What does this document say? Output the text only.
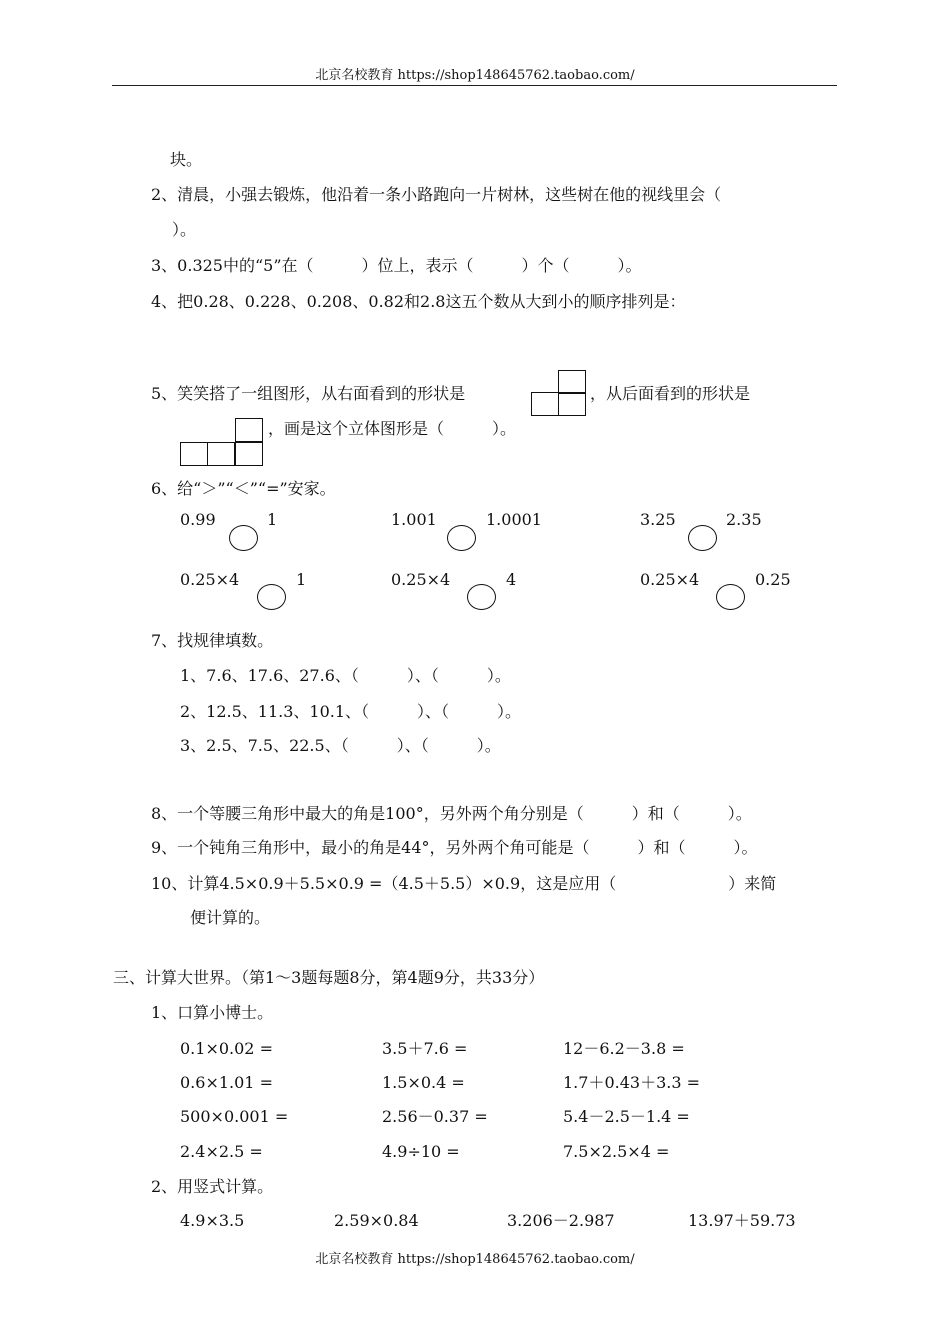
北京名校教育 https://shop148645762.taobao.com/
块。
2、清晨，小强去锻炼，他沿着一条小路跑向一片树林，这些树在他的视线里会（
）。
3、0.325中的“5”在（　　　）位上，表示（　　　）个（　　　）。
4、把0.28、0.228、0.208、0.82和2.8这五个数从大到小的顺序排列是：
5、笑笑搭了一组图形，从右面看到的形状是	，从后面看到的形状是
，画是这个立体图形是（　　　）。
6、给“＞”“＜”“=”安家。
0.99	1	1.001	1.0001	3.25	2.35
0.25×4	1	0.25×4	4	0.25×4	0.25
7、找规律填数。
1、7.6、17.6、27.6、（　　　）、（　　　）。
2、12.5、11.3、10.1、（　　　）、（　　　）。
3、2.5、7.5、22.5、（　　　）、（　　　）。
8、一个等腰三角形中最大的角是100°，另外两个角分别是（　　　）和（　　　）。
9、一个钝角三角形中，最小的角是44°，另外两个角可能是（　　　）和（　　　）。
10、计算4.5×0.9＋5.5×0.9 =（4.5＋5.5）×0.9，这是应用（　　　　　　　）来简
便计算的。
三、计算大世界。（第1～3题每题8分，第4题9分，共33分）
1、口算小博士。
0.1×0.02 =	3.5＋7.6 =	12－6.2－3.8 =
0.6×1.01 =	1.5×0.4 =	1.7＋0.43＋3.3 =
500×0.001 =	2.56－0.37 =	5.4－2.5－1.4 =
2.4×2.5 =	4.9÷10 =	7.5×2.5×4 =
2、用竖式计算。
4.9×3.5	2.59×0.84	3.206－2.987	13.97＋59.73
北京名校教育 https://shop148645762.taobao.com/
